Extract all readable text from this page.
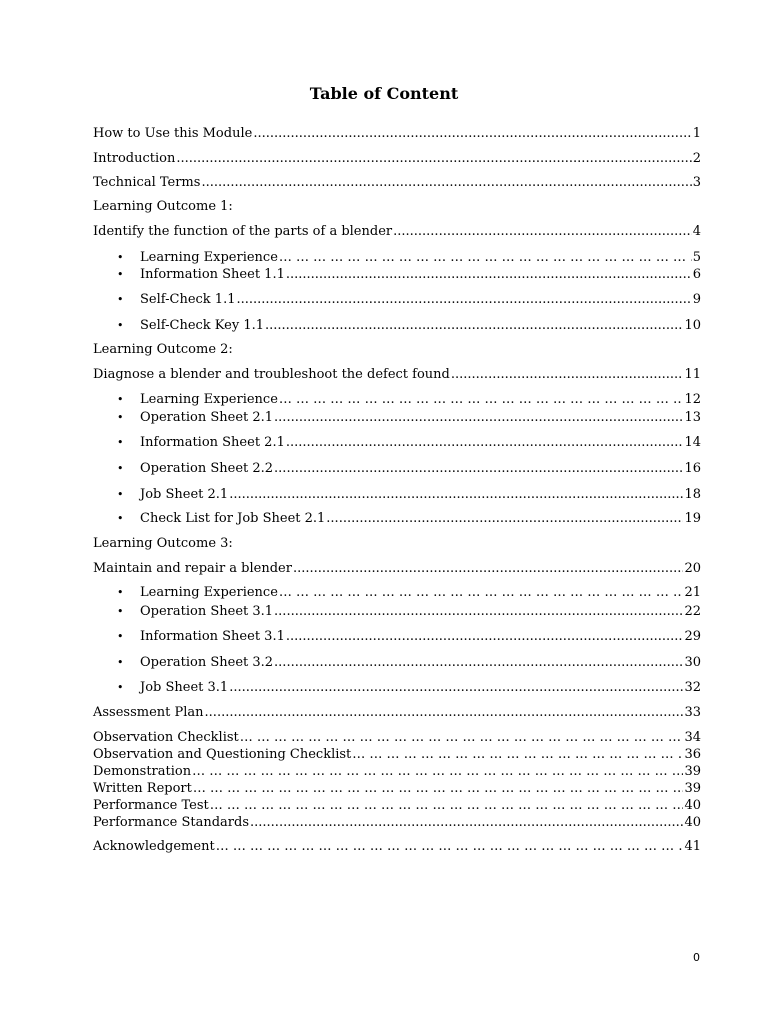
Table of Content
How to Use this Module .....	1
Introduction .....	2
Technical Terms .....	3
Learning Outcome 1:
Identify the function of the parts of a blender .....	4
•	Learning Experience … … … … … … … … … … … … … … … … … … … … … … … … … … … … … … … … … … … … … … … … … … … … … … … …	5
•	Information Sheet 1.1 .....	6
•	Self-Check 1.1 .....	9
•	Self-Check Key 1.1 .....	10
Learning Outcome 2:
Diagnose a blender and troubleshoot the defect found .....	11
•	Learning Experience … … … … … … … … … … … … … … … … … … … … … … … … … … … … … … … … … … … … … … … … … … … … … … … …	12
•	Operation Sheet 2.1 .....	13
•	Information Sheet 2.1 .....	14
•	Operation Sheet 2.2 .....	16
•	Job Sheet 2.1 .....	18
•	Check List for Job Sheet 2.1 .....	19
Learning Outcome 3:
Maintain and repair a blender .....	20
•	Learning Experience … … … … … … … … … … … … … … … … … … … … … … … … … … … … … … … … … … … … … … … … … … … … … … … …	21
•	Operation Sheet 3.1 .....	22
•	Information Sheet 3.1 .....	29
•	Operation Sheet 3.2 .....	30
•	Job Sheet 3.1 .....	32
Assessment Plan .....	33
Observation Checklist … … … … … … … … … … … … … … … … … … … … … … … … … … … … … … … … … … … … … … … … … … … … … … … …	34
Observation and Questioning Checklist … … … … … … … … … … … … … … … … … … … … … … … … … … … … … … … … … … … … … … … … … … … … … … … …	36
Demonstration … … … … … … … … … … … … … … … … … … … … … … … … … … … … … … … … … … … … … … … … … … … … … … … …	39
Written Report … … … … … … … … … … … … … … … … … … … … … … … … … … … … … … … … … … … … … … … … … … … … … … … …	39
Performance Test … … … … … … … … … … … … … … … … … … … … … … … … … … … … … … … … … … … … … … … … … … … … … … … …	40
Performance Standards .....	40
Acknowledgement … … … … … … … … … … … … … … … … … … … … … … … … … … … … … … … … … … … … … … … … … … … … … … … …	41
0
